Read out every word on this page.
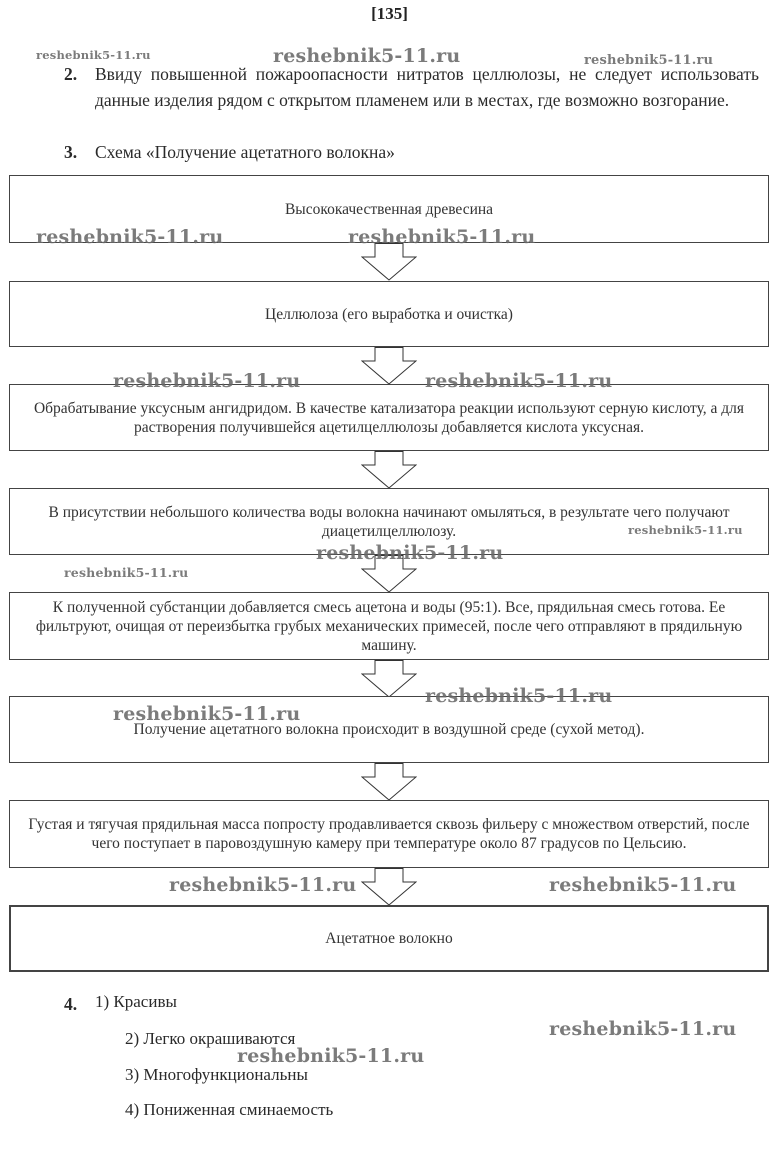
[135]
2. Ввиду повышенной пожароопасности нитратов целлюлозы, не следует использовать данные изделия рядом с открытом пламенем или в местах, где возможно возгорание.
3. Схема «Получение ацетатного волокна»
Высококачественная древесина
Целлюлоза (его выработка и очистка)
Обрабатывание уксусным ангидридом. В качестве катализатора реакции используют серную кислоту, а для растворения получившейся ацетилцеллюлозы добавляется кислота уксусная.
В присутствии небольшого количества воды волокна начинают омыляться, в результате чего получают диацетилцеллюлозу.
К полученной субстанции добавляется смесь ацетона и воды (95:1). Все, прядильная смесь готова. Ее фильтруют, очищая от переизбытка грубых механических примесей, после чего отправляют в прядильную машину.
Получение ацетатного волокна происходит в воздушной среде (сухой метод).
Густая и тягучая прядильная масса попросту продавливается сквозь фильеру с множеством отверстий, после чего поступает в паровоздушную камеру при температуре около 87 градусов по Цельсию.
Ацетатное волокно
4. 1) Красивы
2) Легко окрашиваются
3) Многофункциональны
4) Пониженная сминаемость
reshebnik5-11.ru	reshebnik5-11.ru	reshebnik5-11.ru
reshebnik5-11.ru	reshebnik5-11.ru
reshebnik5-11.ru	reshebnik5-11.ru
reshebnik5-11.ru
reshebnik5-11.ru
reshebnik5-11.ru
reshebnik5-11.ru
reshebnik5-11.ru
reshebnik5-11.ru	reshebnik5-11.ru
reshebnik5-11.ru
reshebnik5-11.ru
